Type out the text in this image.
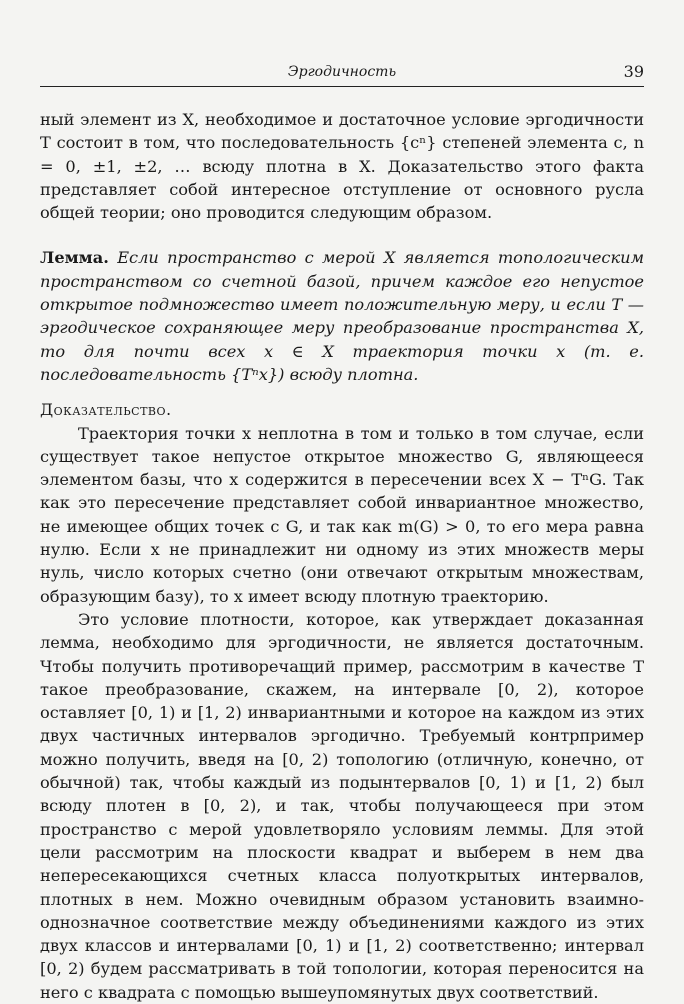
Эргодичность	39

ный элемент из X, необходимое и достаточное условие эргодичности T состоит в том, что последовательность {cⁿ} степеней элемента c, n = 0, ±1, ±2, … всюду плотна в X. Доказательство этого факта представляет собой интересное отступление от основного русла общей теории; оно проводится следующим образом.

Лемма. Если пространство с мерой X является топологическим пространством со счетной базой, причем каждое его непустое открытое подмножество имеет положительную меру, и если T — эргодическое сохраняющее меру преобразование пространства X, то для почти всех x ∈ X траектория точки x (т. е. последовательность {Tⁿx}) всюду плотна.

Доказательство.

Траектория точки x неплотна в том и только в том случае, если существует такое непустое открытое множество G, являющееся элементом базы, что x содержится в пересечении всех X − TⁿG. Так как это пересечение представляет собой инвариантное множество, не имеющее общих точек с G, и так как m(G) > 0, то его мера равна нулю. Если x не принадлежит ни одному из этих множеств меры нуль, число которых счетно (они отвечают открытым множествам, образующим базу), то x имеет всюду плотную траекторию.

Это условие плотности, которое, как утверждает доказанная лемма, необходимо для эргодичности, не является достаточным. Чтобы получить противоречащий пример, рассмотрим в качестве T такое преобразование, скажем, на интервале [0, 2), которое оставляет [0, 1) и [1, 2) инвариантными и которое на каждом из этих двух частичных интервалов эргодично. Требуемый контрпример можно получить, введя на [0, 2) топологию (отличную, конечно, от обычной) так, чтобы каждый из подынтервалов [0, 1) и [1, 2) был всюду плотен в [0, 2), и так, чтобы получающееся при этом пространство с мерой удовлетворяло условиям леммы. Для этой цели рассмотрим на плоскости квадрат и выберем в нем два непересекающихся счетных класса полуоткрытых интервалов, плотных в нем. Можно очевидным образом установить взаимно-однозначное соответствие между объединениями каждого из этих двух классов и интервалами [0, 1) и [1, 2) соответственно; интервал [0, 2) будем рассматривать в той топологии, которая переносится на него с квадрата с помощью вышеупомянутых двух соответствий.
